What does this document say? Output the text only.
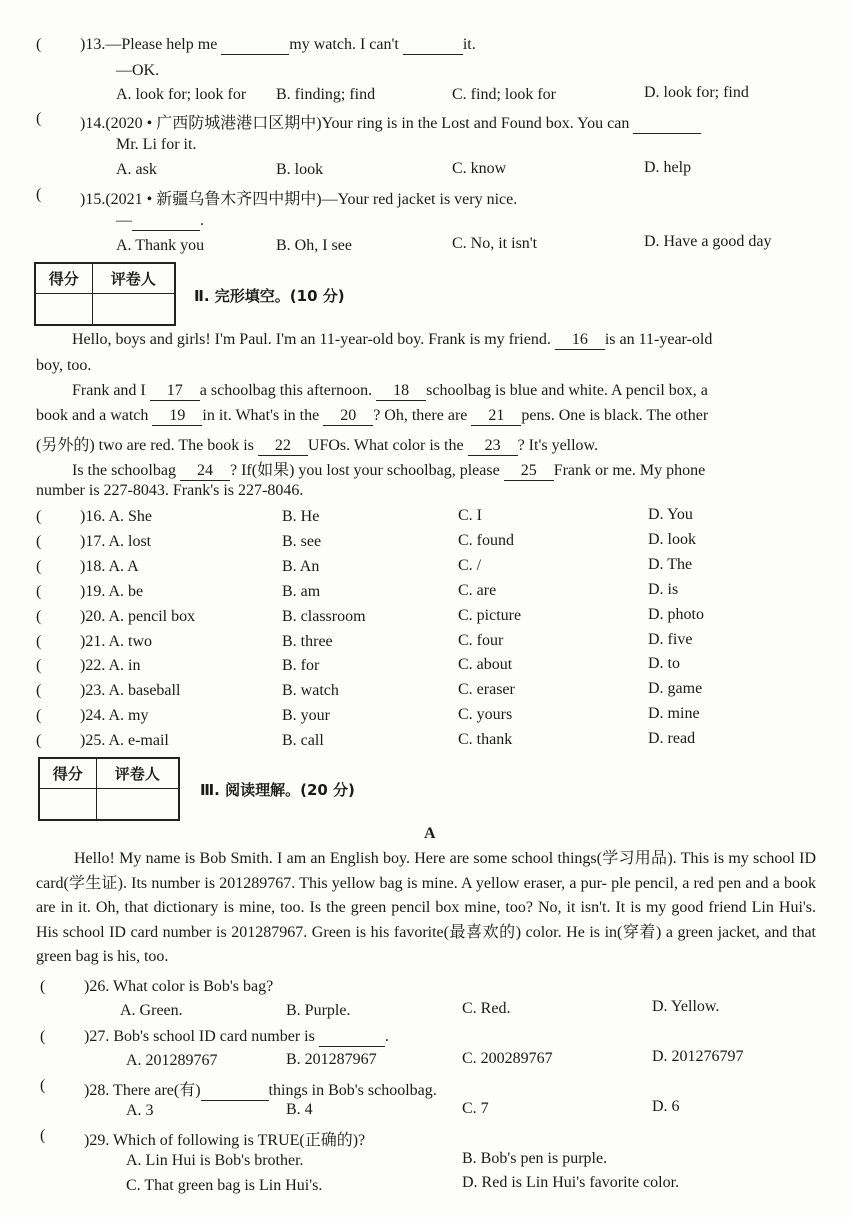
( )13.—Please help me	my watch. I can't	it.
—OK.
A. look for; look for B. finding; find	C. find; look for	D. look for; find
( )14.(2020 • 广西防城港港口区期中)Your ring is in the Lost and Found box. You can
Mr. Li for it.
A. ask	B. look	C. know	D. help
( )15.(2021 • 新疆乌鲁木齐四中期中)—Your red jacket is very nice.
—	.
A. Thank you	B. Oh, I see	C. No, it isn't	D. Have a good day
得分	评卷人

Ⅱ. 完形填空。(10 分)
Hello, boys and girls! I'm Paul. I'm an 11-year-old boy. Frank is my friend. 16 is an 11-year-old
boy, too.
Frank and I 17 a schoolbag this afternoon. 18 schoolbag is blue and white. A pencil box, a
book and a watch 19 in it. What's in the 20 ? Oh, there are 21 pens. One is black. The other
(另外的) two are red. The book is 22 UFOs. What color is the 23 ? It's yellow.
Is the schoolbag 24 ? If(如果) you lost your schoolbag, please 25 Frank or me. My phone
number is 227-8043. Frank's is 227-8046.
( )16. A. She	B. He	C. I	D. You
( )17. A. lost	B. see	C. found	D. look
( )18. A. A	B. An	C. /	D. The
( )19. A. be	B. am	C. are	D. is
( )20. A. pencil box	B. classroom	C. picture	D. photo
( )21. A. two	B. three	C. four	D. five
( )22. A. in	B. for	C. about	D. to
( )23. A. baseball	B. watch	C. eraser	D. game
( )24. A. my	B. your	C. yours	D. mine
( )25. A. e-mail	B. call	C. thank	D. read
得分	评卷人

Ⅲ. 阅读理解。(20 分)
A
Hello! My name is Bob Smith. I am an English boy. Here are some school things(学习用品). This is my school ID card(学生证). Its number is 201289767. This yellow bag is mine. A yellow eraser, a pur- ple pencil, a red pen and a book are in it. Oh, that dictionary is mine, too. Is the green pencil box mine, too? No, it isn't. It is my good friend Lin Hui's. His school ID card number is 201287967. Green is his favorite(最喜欢的) color. He is in(穿着) a green jacket, and that green bag is his, too.
( )26. What color is Bob's bag?
A. Green.	B. Purple.	C. Red.	D. Yellow.
( )27. Bob's school ID card number is	.
A. 201289767	B. 201287967	C. 200289767	D. 201276797
( )28. There are(有)	things in Bob's schoolbag.
A. 3	B. 4	C. 7	D. 6
( )29. Which of following is TRUE(正确的)?
A. Lin Hui is Bob's brother.	B. Bob's pen is purple.
C. That green bag is Lin Hui's.	D. Red is Lin Hui's favorite color.
